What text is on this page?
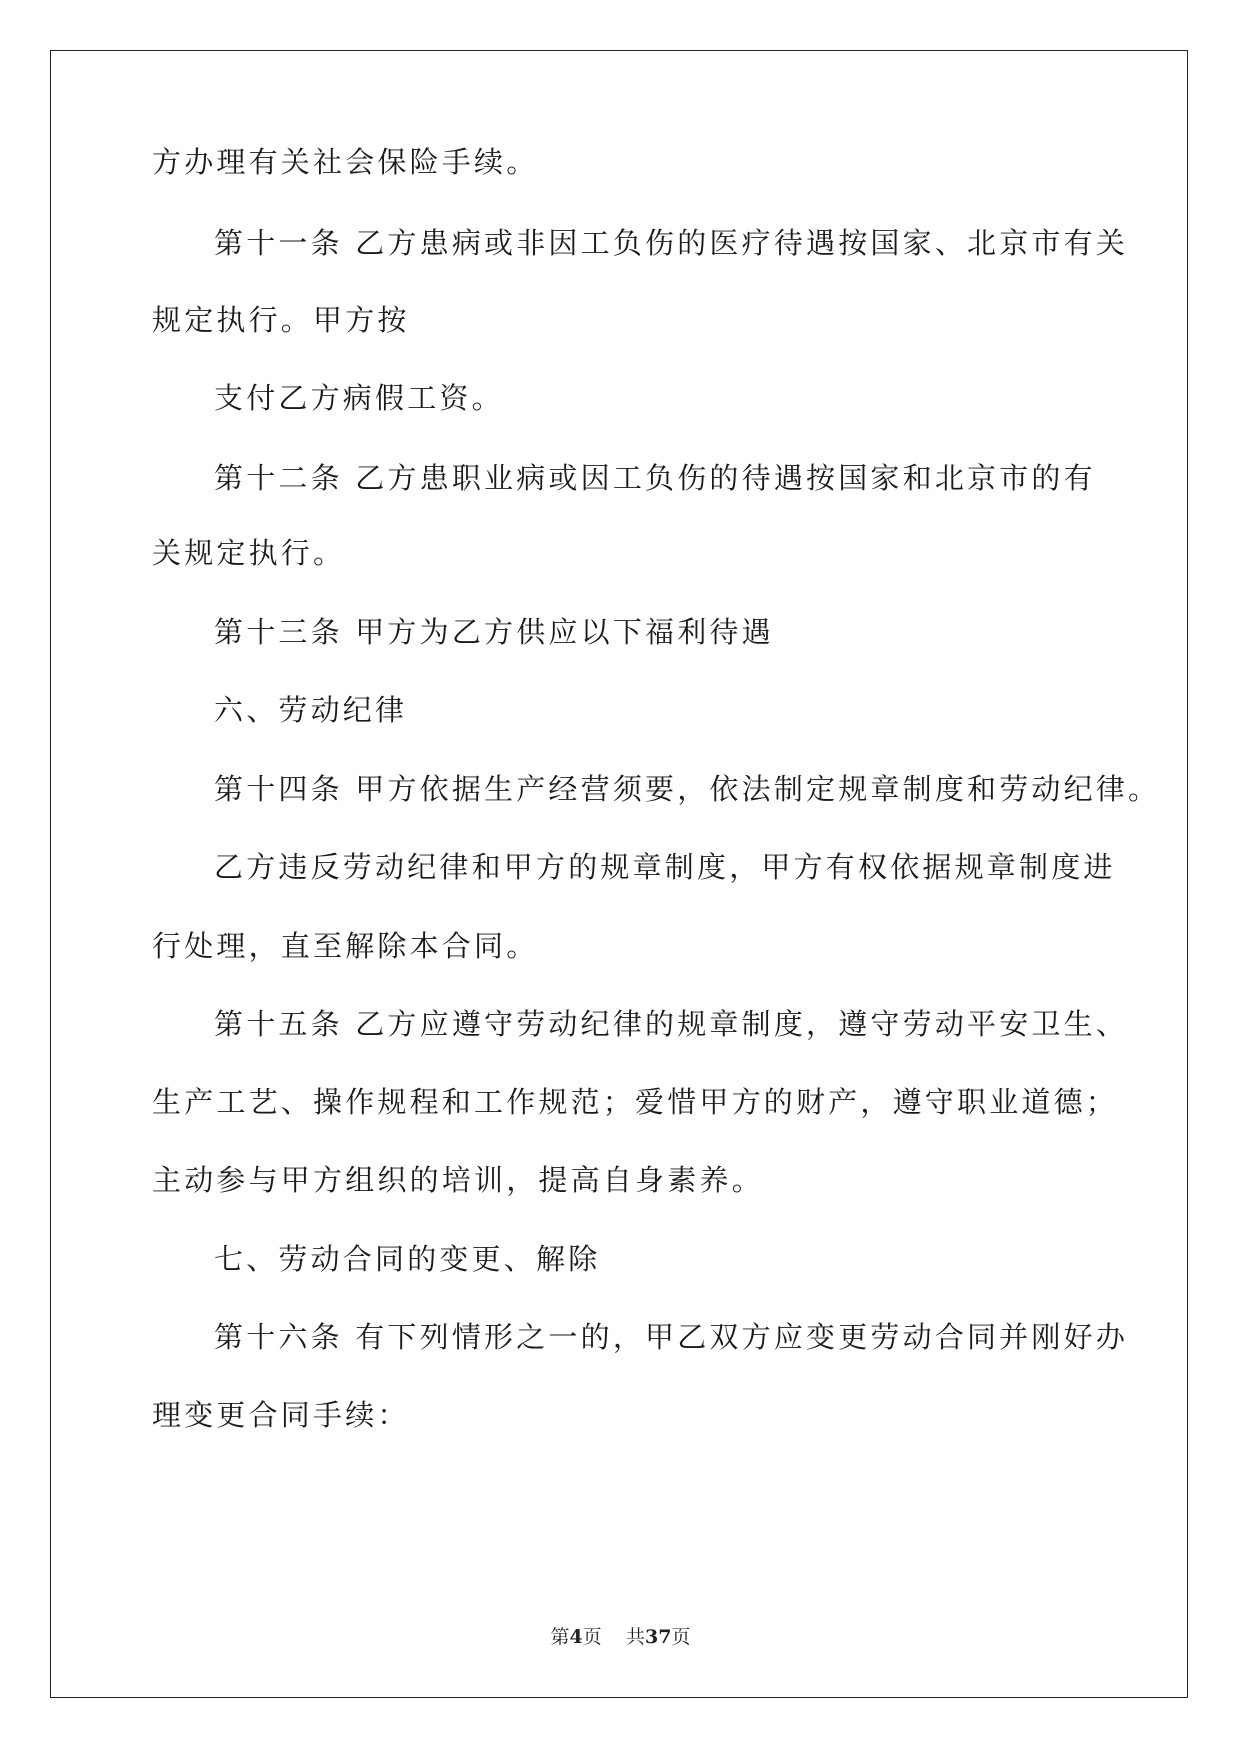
方办理有关社会保险手续。
第十一条 乙方患病或非因工负伤的医疗待遇按国家、北京市有关
规定执行。甲方按
支付乙方病假工资。
第十二条 乙方患职业病或因工负伤的待遇按国家和北京市的有
关规定执行。
第十三条 甲方为乙方供应以下福利待遇
六、劳动纪律
第十四条 甲方依据生产经营须要，依法制定规章制度和劳动纪律。
乙方违反劳动纪律和甲方的规章制度，甲方有权依据规章制度进
行处理，直至解除本合同。
第十五条 乙方应遵守劳动纪律的规章制度，遵守劳动平安卫生、
生产工艺、操作规程和工作规范；爱惜甲方的财产，遵守职业道德；
主动参与甲方组织的培训，提高自身素养。
七、劳动合同的变更、解除
第十六条 有下列情形之一的，甲乙双方应变更劳动合同并刚好办
理变更合同手续：
第4页 共37页
